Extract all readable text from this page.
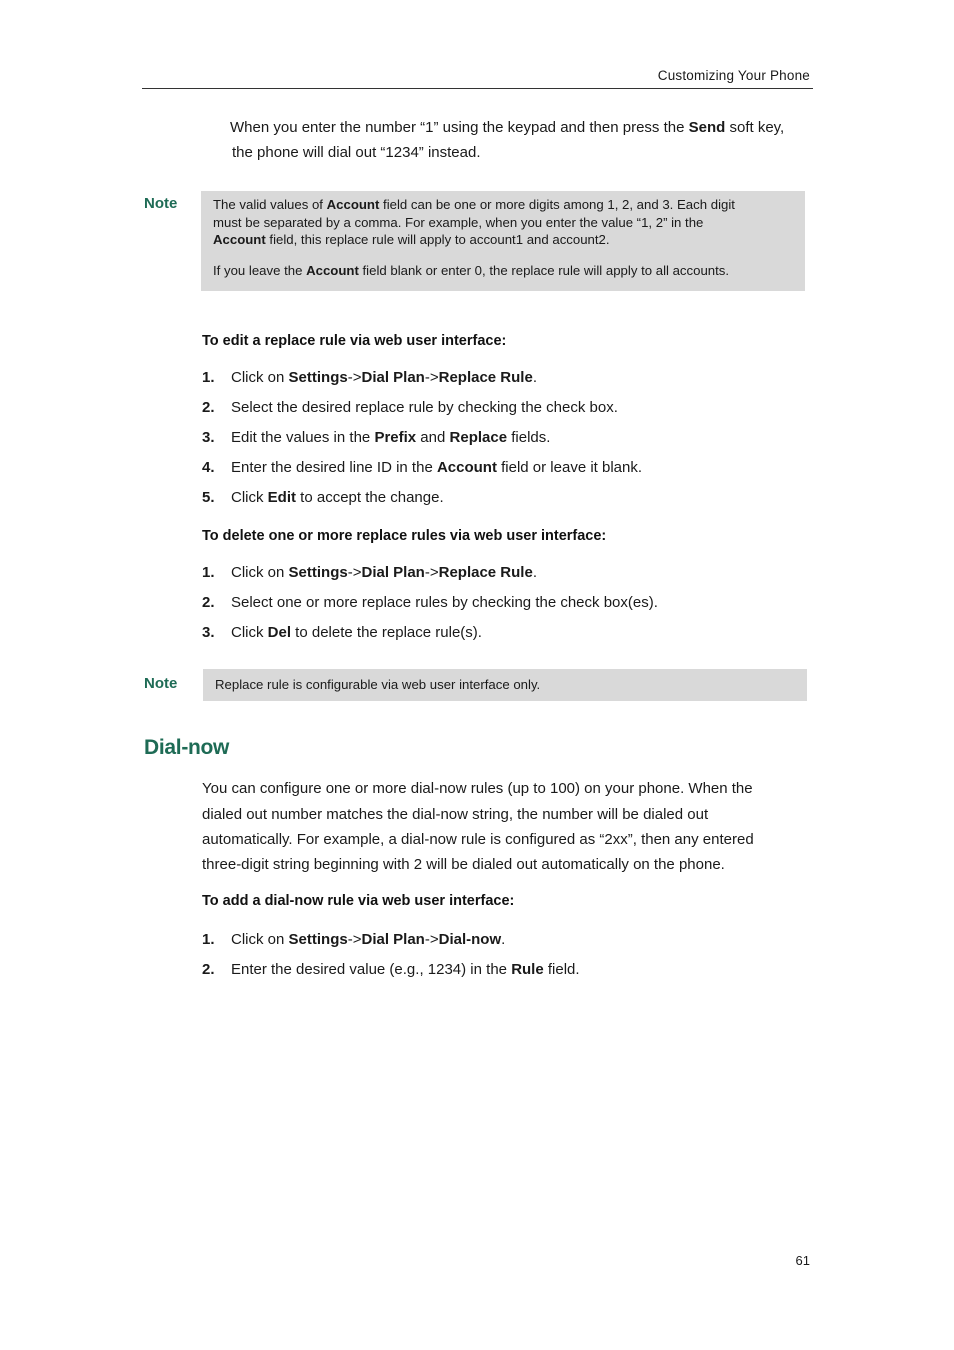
Customizing Your Phone
When you enter the number “1” using the keypad and then press the Send soft key,
the phone will dial out “1234” instead.
Note	The valid values of Account field can be one or more digits among 1, 2, and 3. Each digit
must be separated by a comma. For example, when you enter the value “1, 2” in the
Account field, this replace rule will apply to account1 and account2.
If you leave the Account field blank or enter 0, the replace rule will apply to all accounts.
To edit a replace rule via web user interface:
1. Click on Settings->Dial Plan->Replace Rule.
2. Select the desired replace rule by checking the check box.
3. Edit the values in the Prefix and Replace fields.
4. Enter the desired line ID in the Account field or leave it blank.
5. Click Edit to accept the change.
To delete one or more replace rules via web user interface:
1. Click on Settings->Dial Plan->Replace Rule.
2. Select one or more replace rules by checking the check box(es).
3. Click Del to delete the replace rule(s).
Note	Replace rule is configurable via web user interface only.
Dial-now
You can configure one or more dial-now rules (up to 100) on your phone. When the
dialed out number matches the dial-now string, the number will be dialed out
automatically. For example, a dial-now rule is configured as “2xx”, then any entered
three-digit string beginning with 2 will be dialed out automatically on the phone.
To add a dial-now rule via web user interface:
1. Click on Settings->Dial Plan->Dial-now.
2. Enter the desired value (e.g., 1234) in the Rule field.
61
